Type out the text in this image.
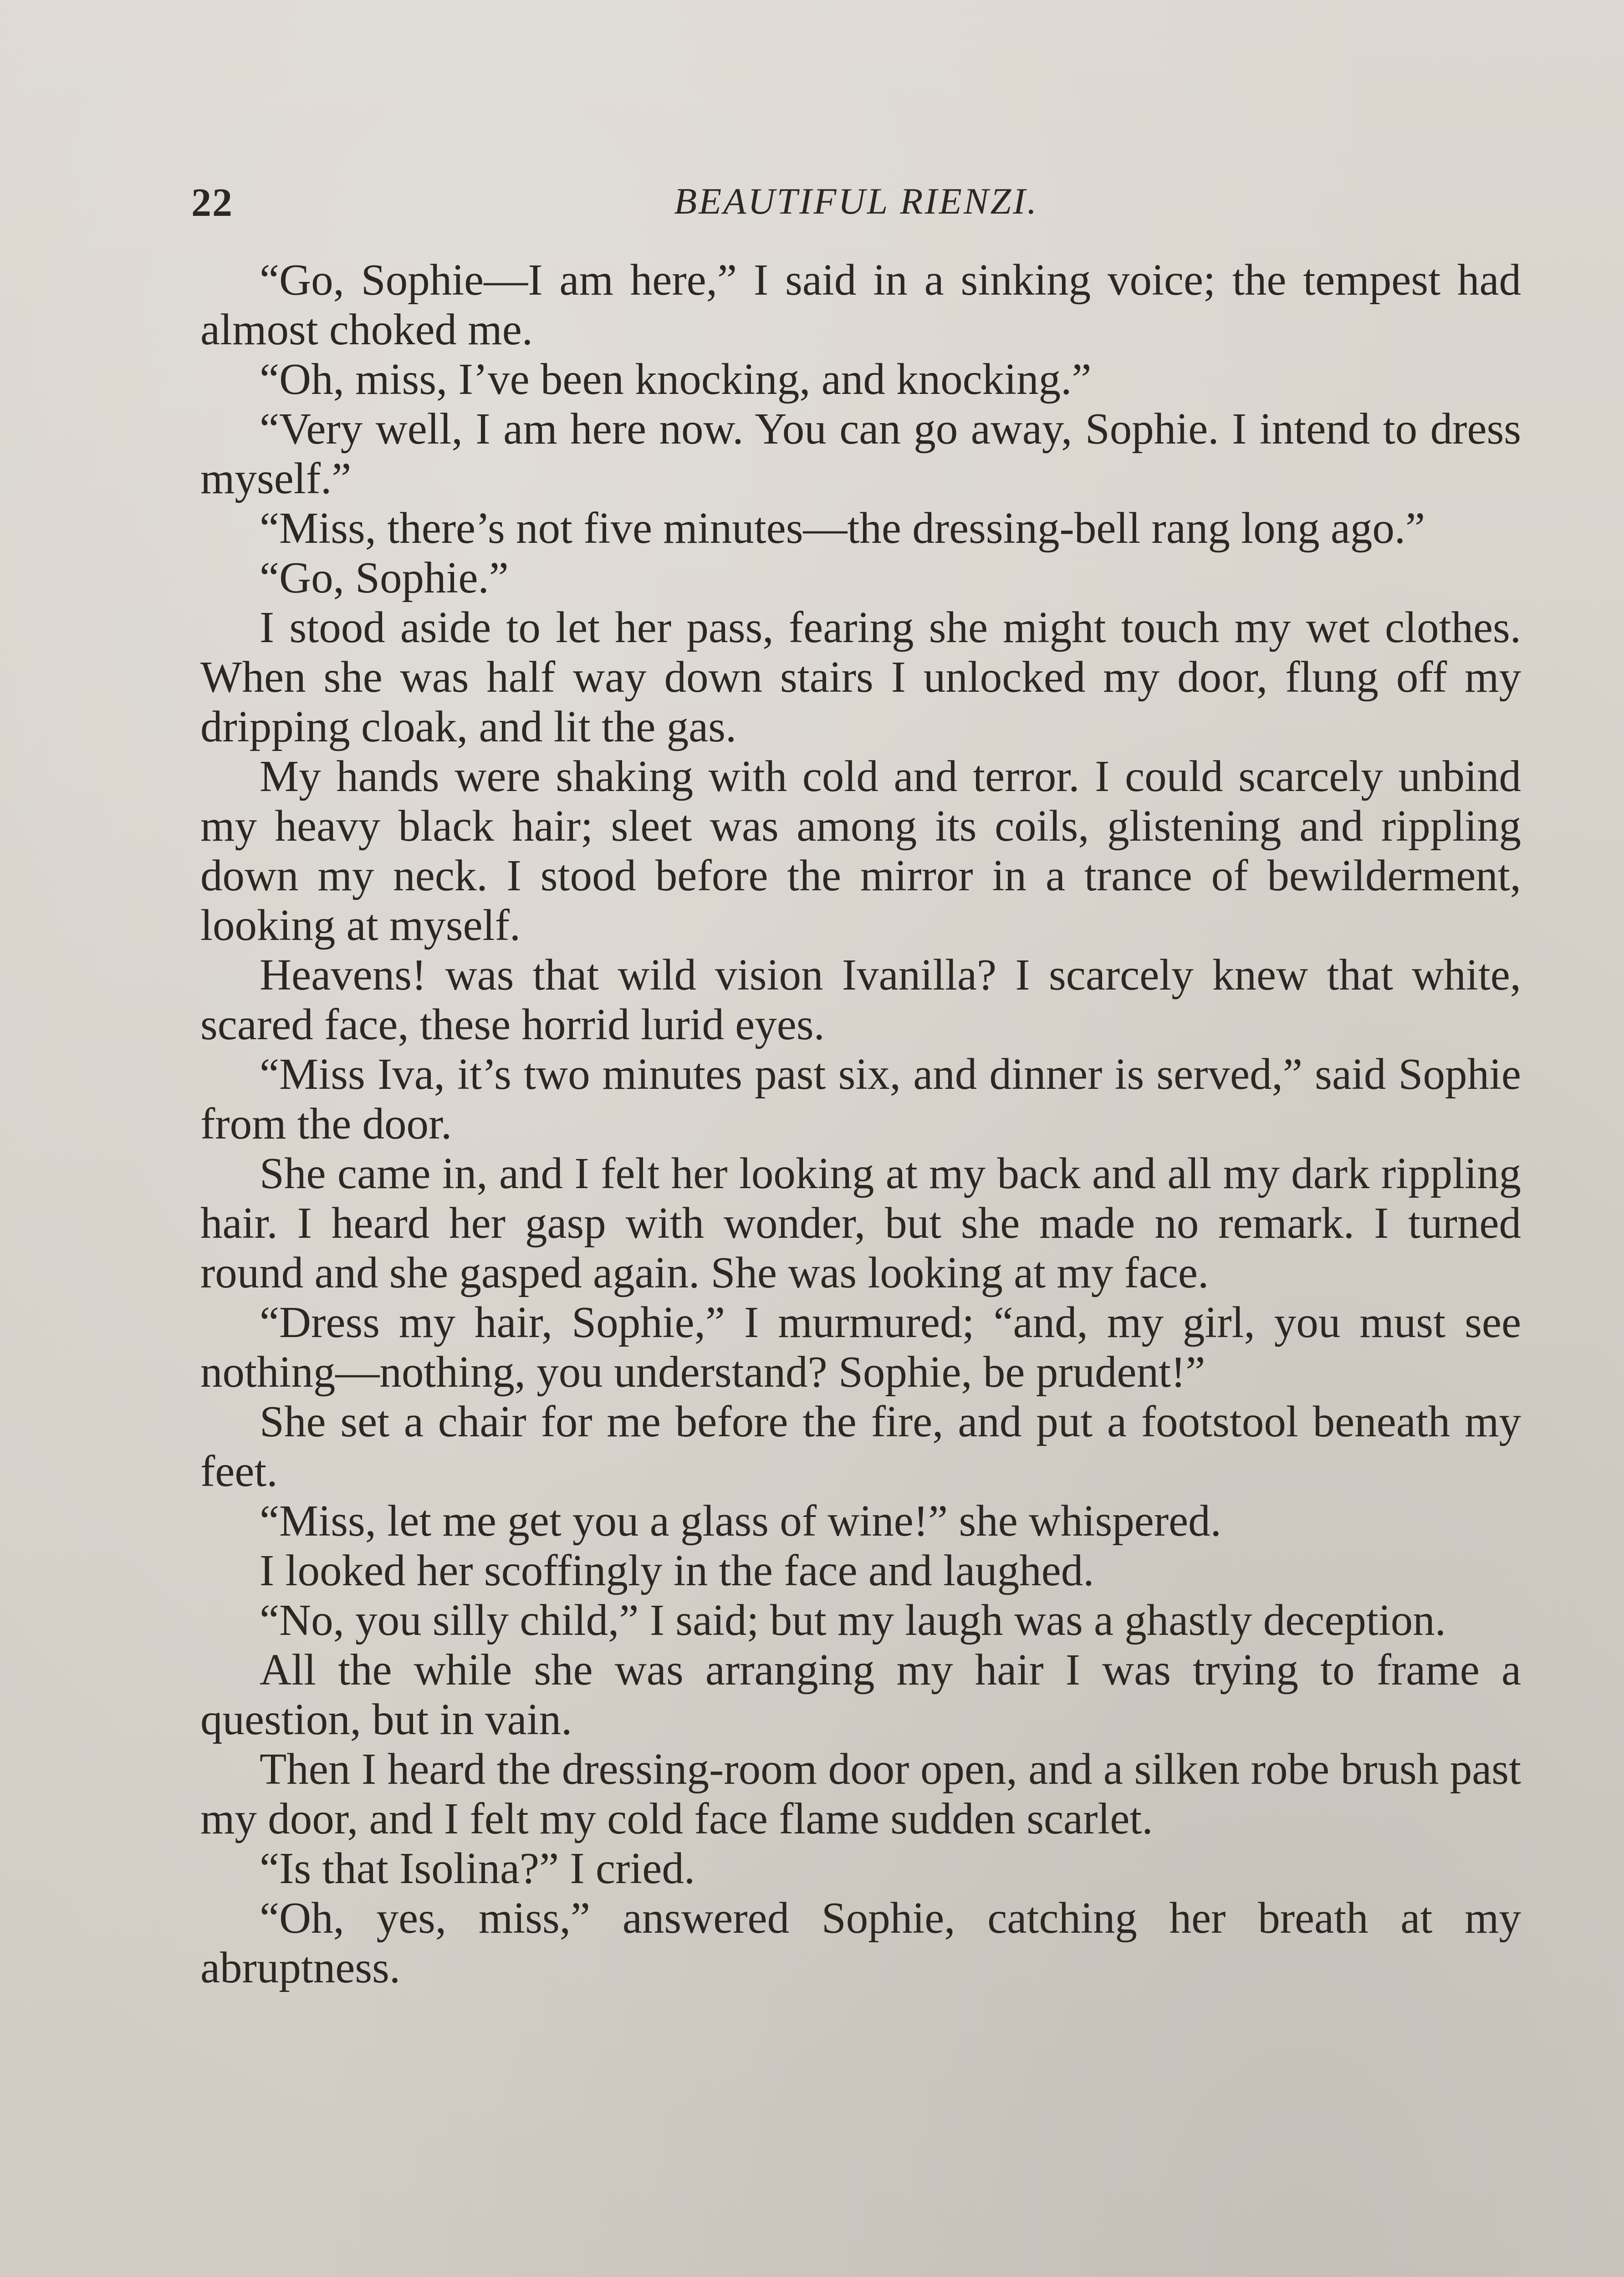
22	BEAUTIFUL RIENZI.

“Go, Sophie—I am here,” I said in a sinking voice; the tempest had almost choked me.

“Oh, miss, I’ve been knocking, and knocking.”

“Very well, I am here now. You can go away, Sophie. I intend to dress myself.”

“Miss, there’s not five minutes—the dressing-bell rang long ago.”

“Go, Sophie.”

I stood aside to let her pass, fearing she might touch my wet clothes. When she was half way down stairs I unlocked my door, flung off my dripping cloak, and lit the gas.

My hands were shaking with cold and terror. I could scarcely unbind my heavy black hair; sleet was among its coils, glistening and rippling down my neck. I stood before the mirror in a trance of bewilderment, looking at myself.

Heavens! was that wild vision Ivanilla? I scarcely knew that white, scared face, these horrid lurid eyes.

“Miss Iva, it’s two minutes past six, and dinner is served,” said Sophie from the door.

She came in, and I felt her looking at my back and all my dark rippling hair. I heard her gasp with wonder, but she made no remark. I turned round and she gasped again. She was looking at my face.

“Dress my hair, Sophie,” I murmured; “and, my girl, you must see nothing—nothing, you understand? Sophie, be prudent!”

She set a chair for me before the fire, and put a footstool beneath my feet.

“Miss, let me get you a glass of wine!” she whispered.

I looked her scoffingly in the face and laughed.

“No, you silly child,” I said; but my laugh was a ghastly deception.

All the while she was arranging my hair I was trying to frame a question, but in vain.

Then I heard the dressing-room door open, and a silken robe brush past my door, and I felt my cold face flame sudden scarlet.

“Is that Isolina?” I cried.

“Oh, yes, miss,” answered Sophie, catching her breath at my abruptness.
